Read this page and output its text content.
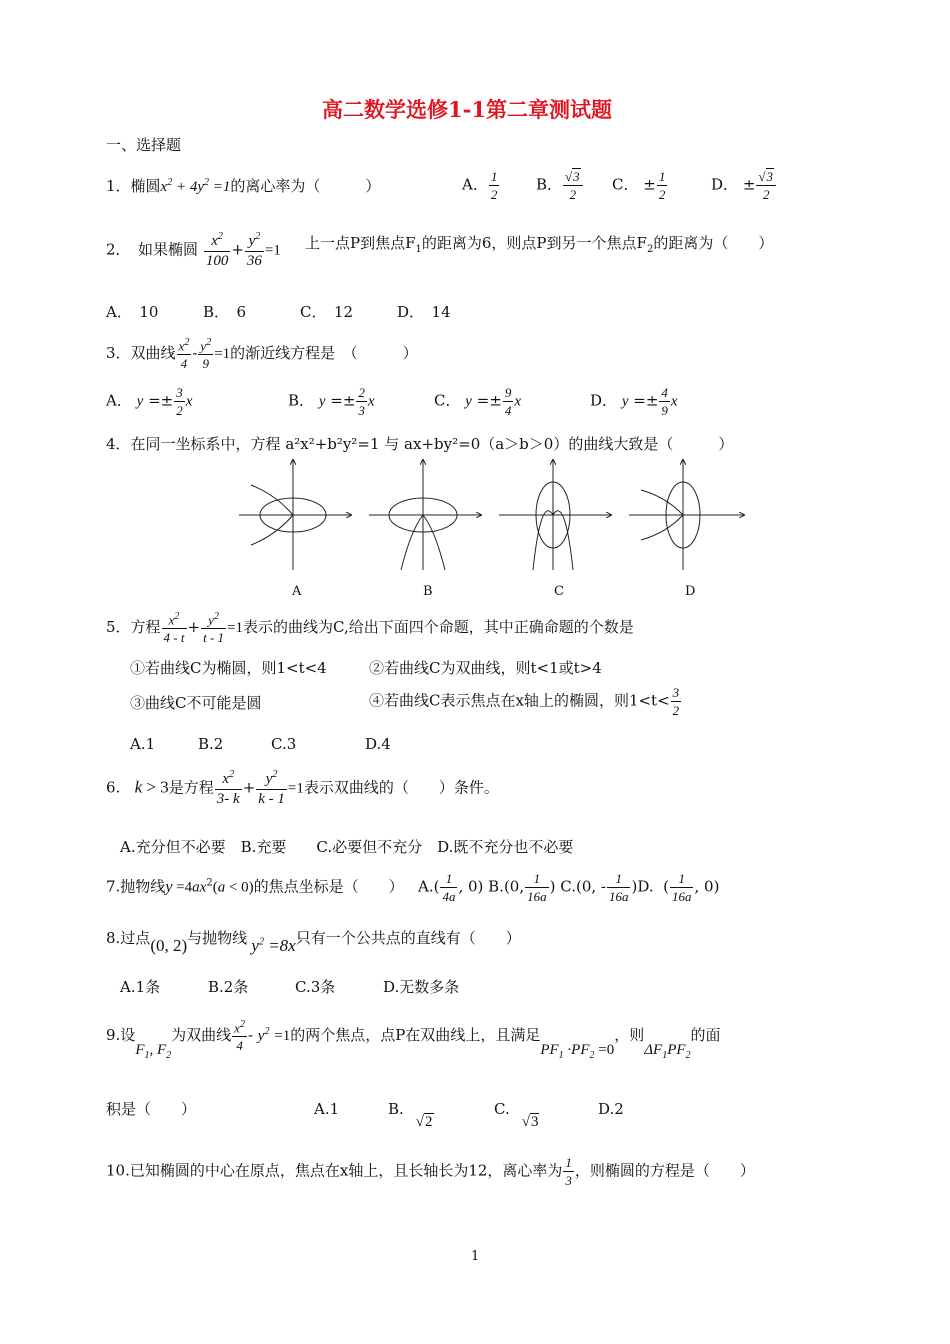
高二数学选修1-1第二章测试题
一、选择题
1．椭圆$x^2 + 4y^2 =1$的离心率为（　　　）	A． $\frac{1}{2}$ B． $\frac{√3}{2}$ C． ± $\frac{1}{2}$	D． ± $\frac{√3}{2}$
2．　如果椭圆 $\frac{x^2}{100} + \frac{y^2}{36} =1$ 上一点P到焦点$F_1$的距离为6，则点P到另一个焦点$F_2$的距离为（　　）
A．　10	B．　6	C．　12	D．　14
3．双曲线 $\frac{x^2}{4} - \frac{y^2}{9} =1$的渐近线方程是　（　　　）
A． $y =\pm \frac{3}{2}$ x	B． $y =\pm \frac{2}{3}$ x	C． $y =\pm \frac{9}{4}$ x	D． $y =\pm \frac{4}{9}$ x
4．在同一坐标系中，方程 a²x²+b²y²=1 与 ax+by²=0（a＞b＞0）的曲线大致是（　　　）
A	B	C	D
5．方程 $\frac{x^2}{4 - t} + \frac{y^2}{t - 1} =1$表示的曲线为C,给出下面四个命题，其中正确命题的个数是
①若曲线C为椭圆，则1<t<4	②若曲线C为双曲线，则t<1或t>4
③曲线C不可能是圆	④若曲线C表示焦点在x轴上的椭圆，则$1<t< \frac{3}{2}$
A.1	B.2	C.3	D.4
6. k > 3是方程 $\frac{x^2}{3- k} + \frac{y^2}{k - 1} =1$表示双曲线的（　　）条件。
A.充分但不必要　B.充要　　C.必要但不充分　D.既不充分也不必要
7.抛物线$y =4ax^2(a < 0)$的焦点坐标是（　　） $A.( \frac{1}{4a}$ , 0) B.(0, $\frac{1}{16a}$ ) C.(0, - $\frac{1}{16a} )D$.  ( $\frac{1}{16a}$ , 0)
8.过点(0, 2)与抛物线 $y^2 =8x$只有一个公共点的直线有（　　）
A.1条	B.2条	C.3条	D.无数多条
9.设$F_1$, $F_2$为双曲线 $\frac{x^2}{4} - y^2 =1$的两个焦点，点P在双曲线上，且满足$PF_1 \cdot PF_2 =0$，则$\Delta F_1PF_2$的面
积是（　　）	A.1	B.√2
C.√3
D.2
10.已知椭圆的中心在原点，焦点在x轴上，且长轴长为12，离心率为 $\frac{1}{3}$ ，则椭圆的方程是（　　）
1
